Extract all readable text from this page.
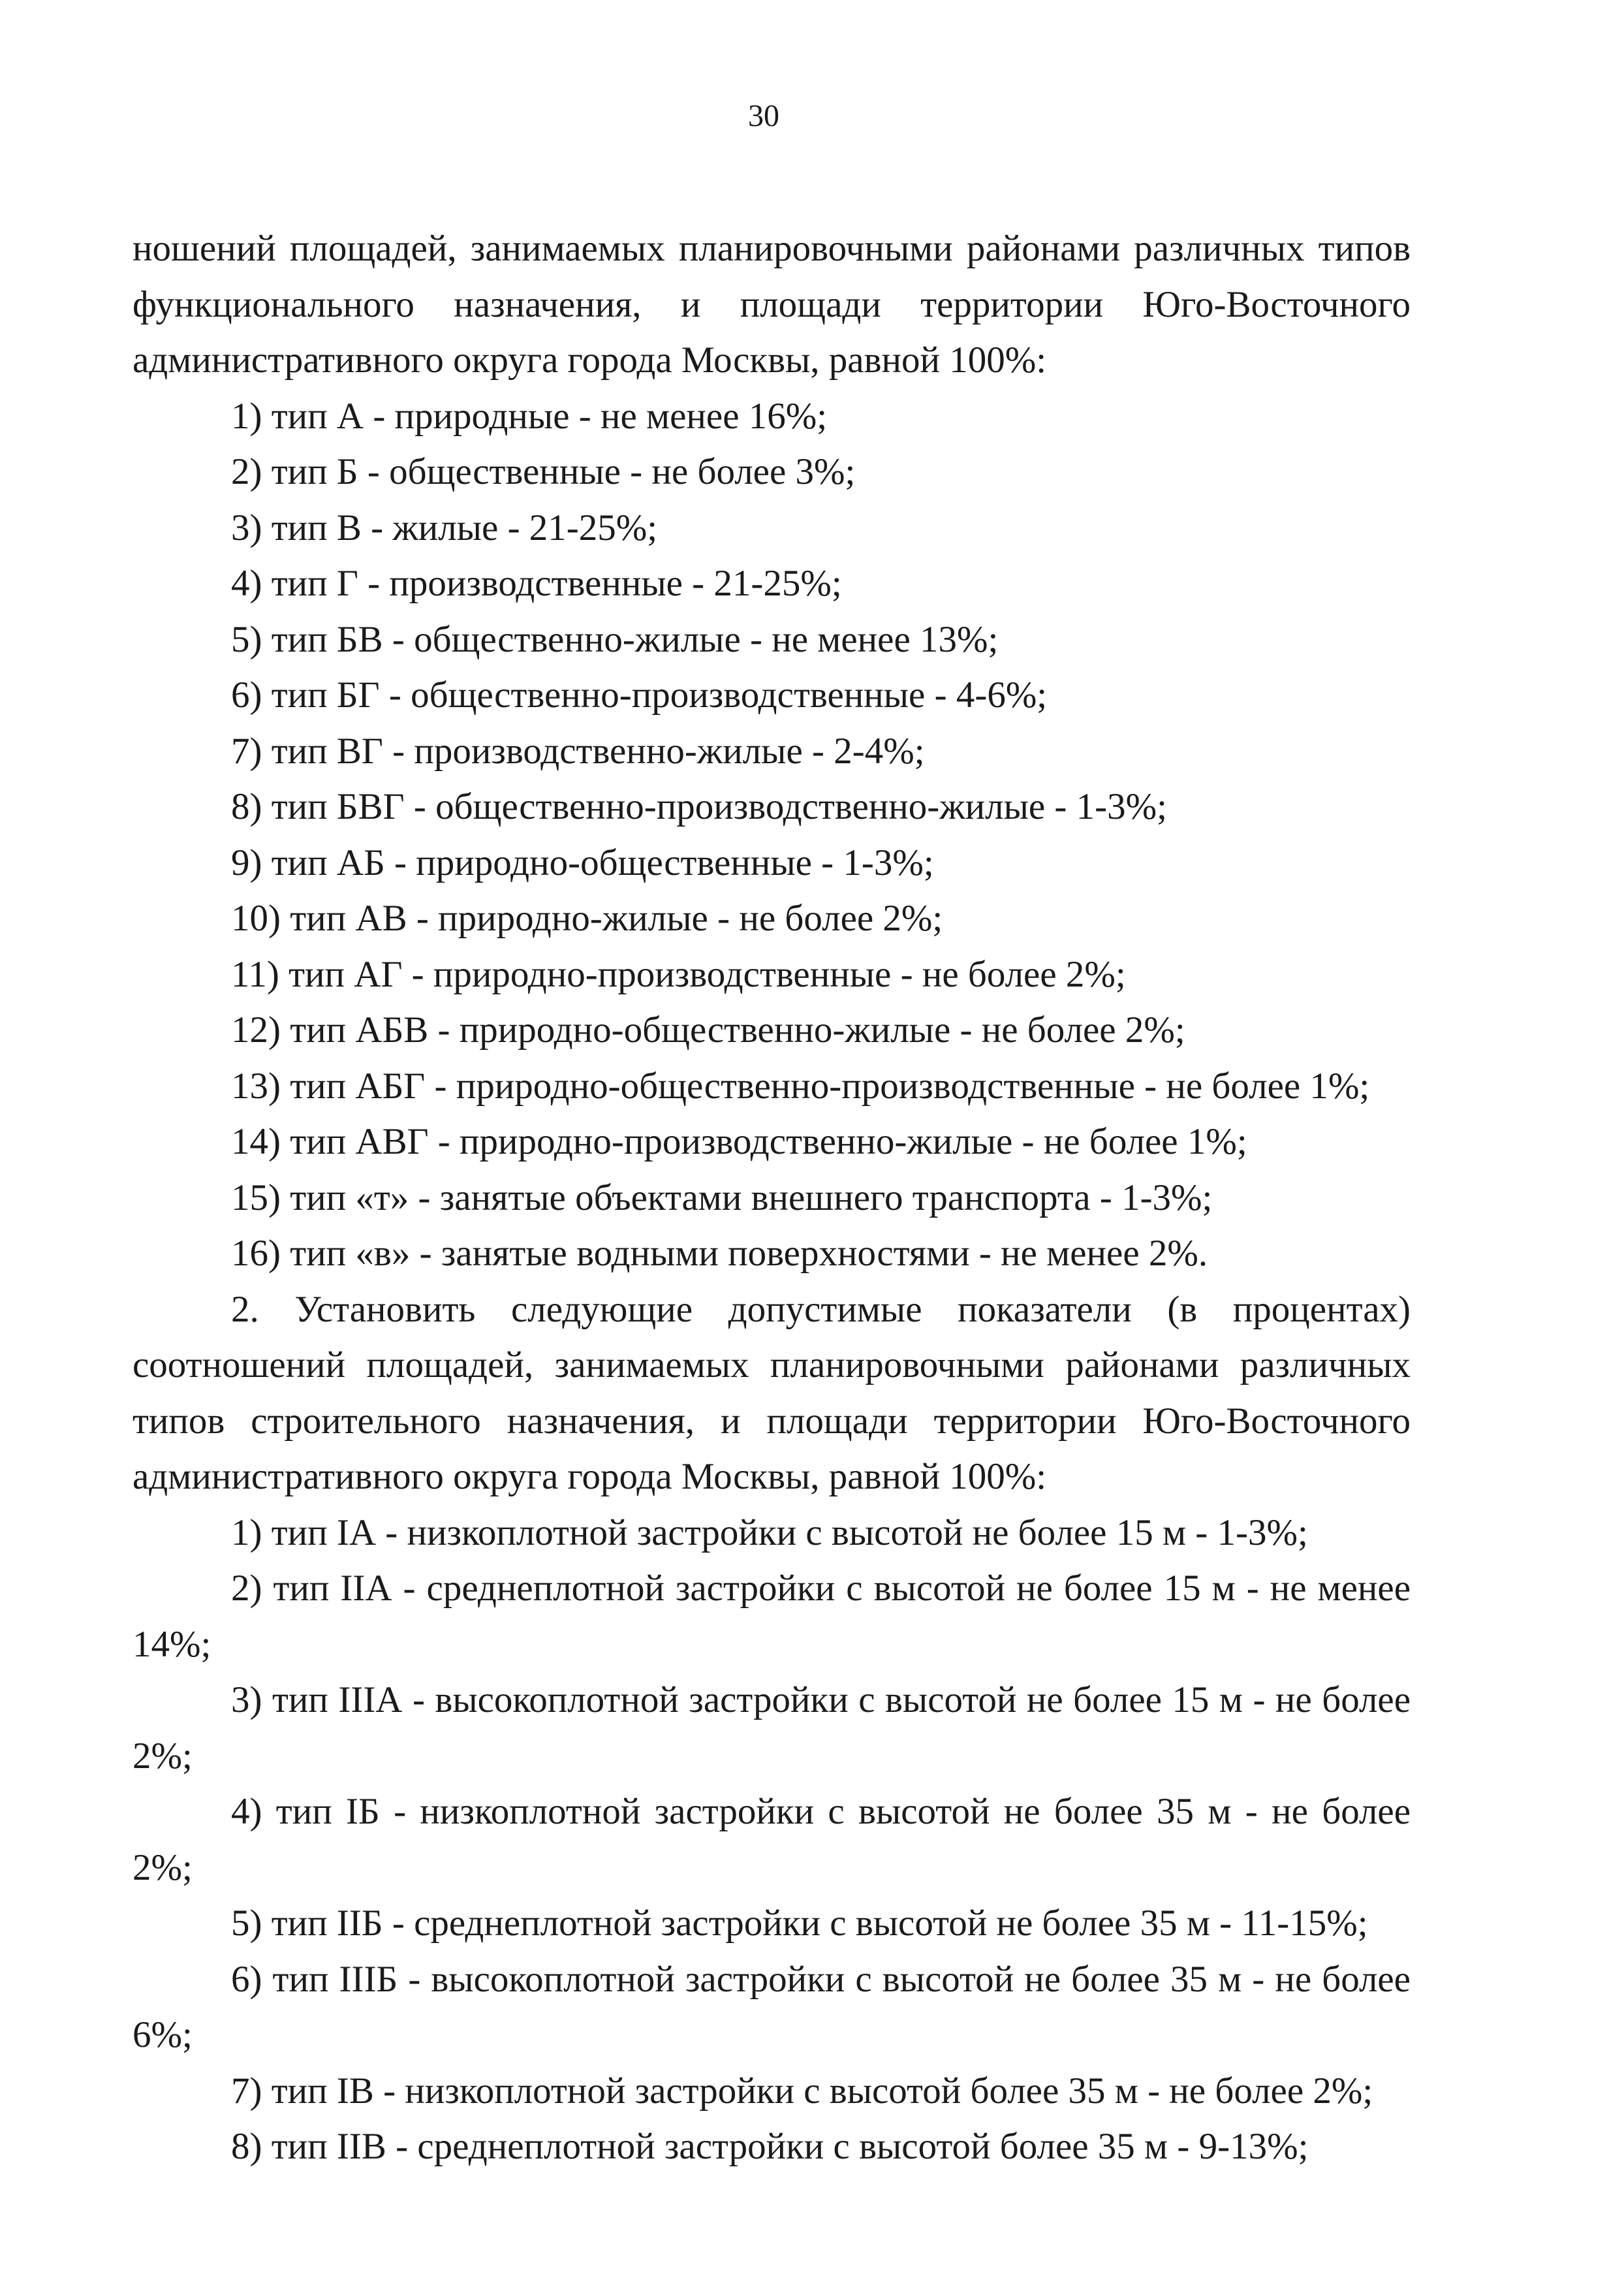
30

ношений площадей, занимаемых планировочными районами различных типов функционального назначения, и площади территории Юго-Восточного административного округа города Москвы, равной 100%:

1) тип А - природные - не менее 16%;

2) тип Б - общественные - не более 3%;

3) тип В - жилые - 21-25%;

4) тип Г - производственные - 21-25%;

5) тип БВ - общественно-жилые - не менее 13%;

6) тип БГ - общественно-производственные - 4-6%;

7) тип ВГ - производственно-жилые - 2-4%;

8) тип БВГ - общественно-производственно-жилые - 1-3%;

9) тип АБ - природно-общественные - 1-3%;

10) тип АВ - природно-жилые - не более 2%;

11) тип АГ - природно-производственные - не более 2%;

12) тип АБВ - природно-общественно-жилые - не более 2%;

13) тип АБГ - природно-общественно-производственные - не более 1%;

14) тип АВГ - природно-производственно-жилые - не более 1%;

15) тип «т» - занятые объектами внешнего транспорта - 1-3%;

16) тип «в» - занятые водными поверхностями - не менее 2%.

2. Установить следующие допустимые показатели (в процентах) соотношений площадей, занимаемых планировочными районами различных типов строительного назначения, и площади территории Юго-Восточного административного округа города Москвы, равной 100%:

1) тип IА - низкоплотной застройки с высотой не более 15 м - 1-3%;

2) тип IIА - среднеплотной застройки с высотой не более 15 м - не менее 14%;

3) тип IIIА - высокоплотной застройки с высотой не более 15 м - не более 2%;

4) тип IБ - низкоплотной застройки с высотой не более 35 м - не более 2%;

5) тип IIБ - среднеплотной застройки с высотой не более 35 м - 11-15%;

6) тип IIIБ - высокоплотной застройки с высотой не более 35 м - не более 6%;

7) тип IВ - низкоплотной застройки с высотой более 35 м - не более 2%;

8) тип IIВ - среднеплотной застройки с высотой более 35 м - 9-13%;
